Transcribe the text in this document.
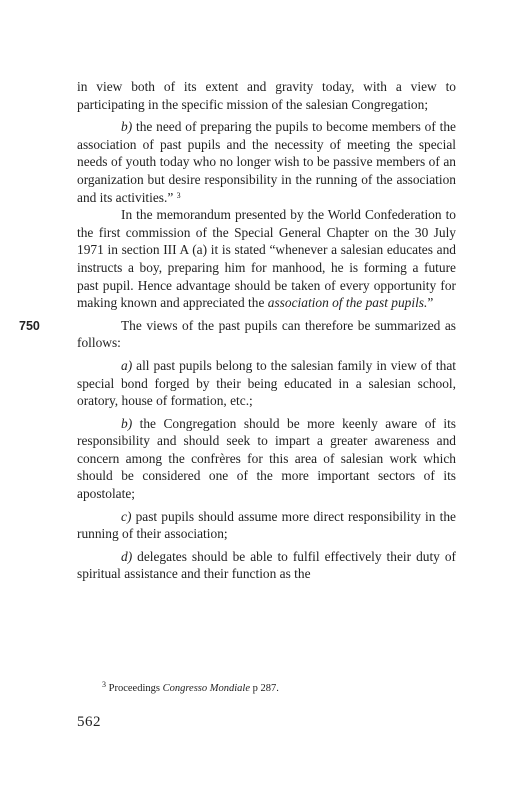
in view both of its extent and gravity today, with a view to participating in the specific mission of the salesian Congregation;

b) the need of preparing the pupils to become members of the association of past pupils and the necessity of meeting the special needs of youth today who no longer wish to be passive members of an organization but desire responsibility in the running of the association and its activities.” $^3$

In the memorandum presented by the World Confederation to the first commission of the Special General Chapter on the 30 July 1971 in section III A (a) it is stated “whenever a salesian educates and instructs a boy, preparing him for manhood, he is forming a future past pupil. Hence advantage should be taken of every opportunity for making known and appreciated the association of the past pupils.”

The views of the past pupils can therefore be summarized as follows:

a) all past pupils belong to the salesian family in view of that special bond forged by their being educated in a salesian school, oratory, house of formation, etc.;

b) the Congregation should be more keenly aware of its responsibility and should seek to impart a greater awareness and concern among the confrères for this area of salesian work which should be considered one of the more important sectors of its apostolate;

c) past pupils should assume more direct responsibility in the running of their association;

d) delegates should be able to fulfil effectively their duty of spiritual assistance and their function as the

750
$^3$ Proceedings Congresso Mondiale p 287.
562
